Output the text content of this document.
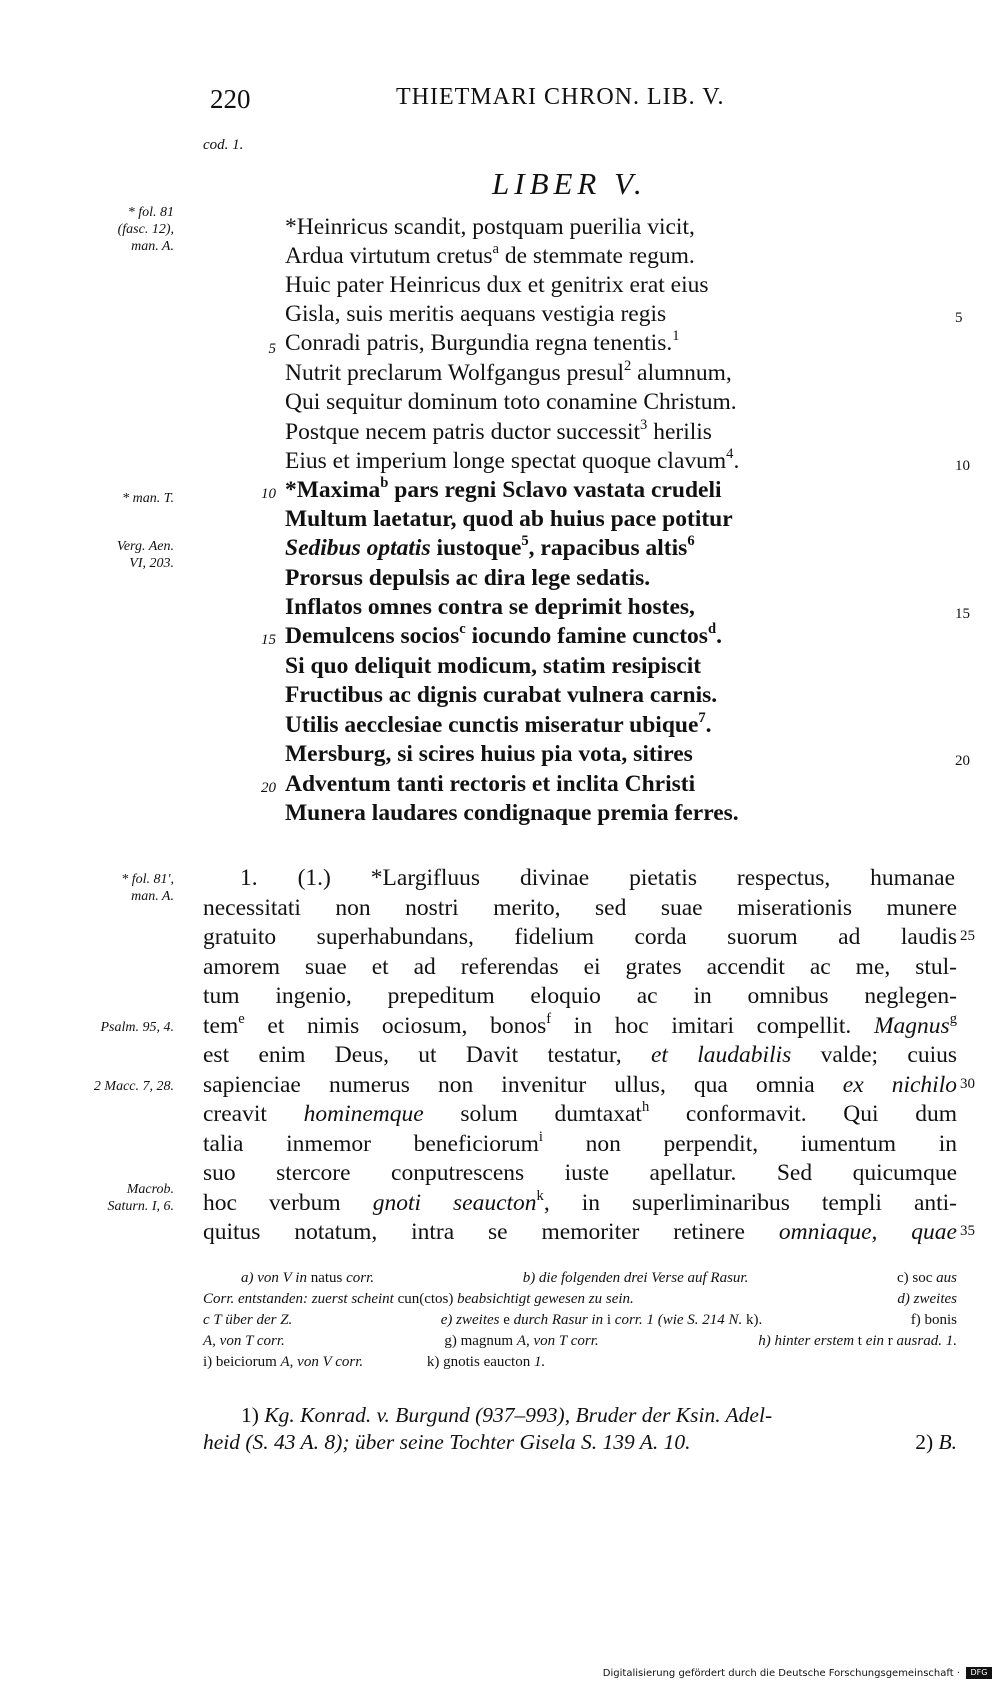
220	THIETMARI CHRON. LIB. V.
cod. 1.
LIBER V.
* fol. 81
(fasc. 12),
man. A.
* man. T.
Verg. Aen.
VI, 203.
* fol. 81',
man. A.
Psalm. 95, 4.
2 Macc. 7, 28.
Macrob.
Saturn. I, 6.
5
10
15
20
5
10
15
20
25
30
35
*Heinricus scandit, postquam puerilia vicit,
Ardua virtutum cretus$^a$ de stemmate regum.
Huic pater Heinricus dux et genitrix erat eius
Gisla, suis meritis aequans vestigia regis
Conradi patris, Burgundia regna tenentis.$^1$
Nutrit preclarum Wolfgangus presul$^2$ alumnum,
Qui sequitur dominum toto conamine Christum.
Postque necem patris ductor successit$^3$ herilis
Eius et imperium longe spectat quoque clavum$^4$.
*Maxima$^b$ pars regni Sclavo vastata crudeli
Multum laetatur, quod ab huius pace potitur
Sedibus optatis iustoque$^5$, rapacibus altis$^6$
Prorsus depulsis ac dira lege sedatis.
Inflatos omnes contra se deprimit hostes,
Demulcens socios$^c$ iocundo famine cunctos$^d$.
Si quo deliquit modicum, statim resipiscit
Fructibus ac dignis curabat vulnera carnis.
Utilis aecclesiae cunctis miseratur ubique$^7$.
Mersburg, si scires huius pia vota, sitires
Adventum tanti rectoris et inclita Christi
Munera laudares condignaque premia ferres.
1. (1.) *Largifluus divinae pietatis respectus, humanae
necessitati non nostri merito, sed suae miserationis munere
gratuito superhabundans, fidelium corda suorum ad laudis
amorem suae et ad referendas ei grates accendit ac me, stul-
tum ingenio, prepeditum eloquio ac in omnibus neglegen-
tem$^e$ et nimis ociosum, bonos$^f$ in hoc imitari compellit. Magnus$^g$
est enim Deus, ut Davit testatur, et laudabilis valde; cuius
sapienciae numerus non invenitur ullus, qua omnia ex nichilo
creavit hominemque solum dumtaxat$^h$ conformavit. Qui dum
talia inmemor beneficiorum$^i$ non perpendit, iumentum in
suo stercore conputrescens iuste apellatur. Sed quicumque
hoc verbum gnoti seaucton$^k$, in superliminaribus templi anti-
quitus notatum, intra se memoriter retinere omniaque, quae
a) von V in natus corr.	b) die folgenden drei Verse auf Rasur.	c) soc aus
Corr. entstanden: zuerst scheint cun(ctos) beabsichtigt gewesen zu sein.	d) zweites
c T über der Z.	e) zweites e durch Rasur in i corr. 1 (wie S. 214 N. k).	f) bonis
A, von T corr.	g) magnum A, von T corr.	h) hinter erstem t ein r ausrad. 1.
i) beiciorum A, von V corr.	k) gnotis eaucton 1.
1) Kg. Konrad. v. Burgund (937–993), Bruder der Ksin. Adel-
heid (S. 43 A. 8); über seine Tochter Gisela S. 139 A. 10.	2) B.
Digitalisierung gefördert durch die Deutsche Forschungsgemeinschaft ·	DFG
